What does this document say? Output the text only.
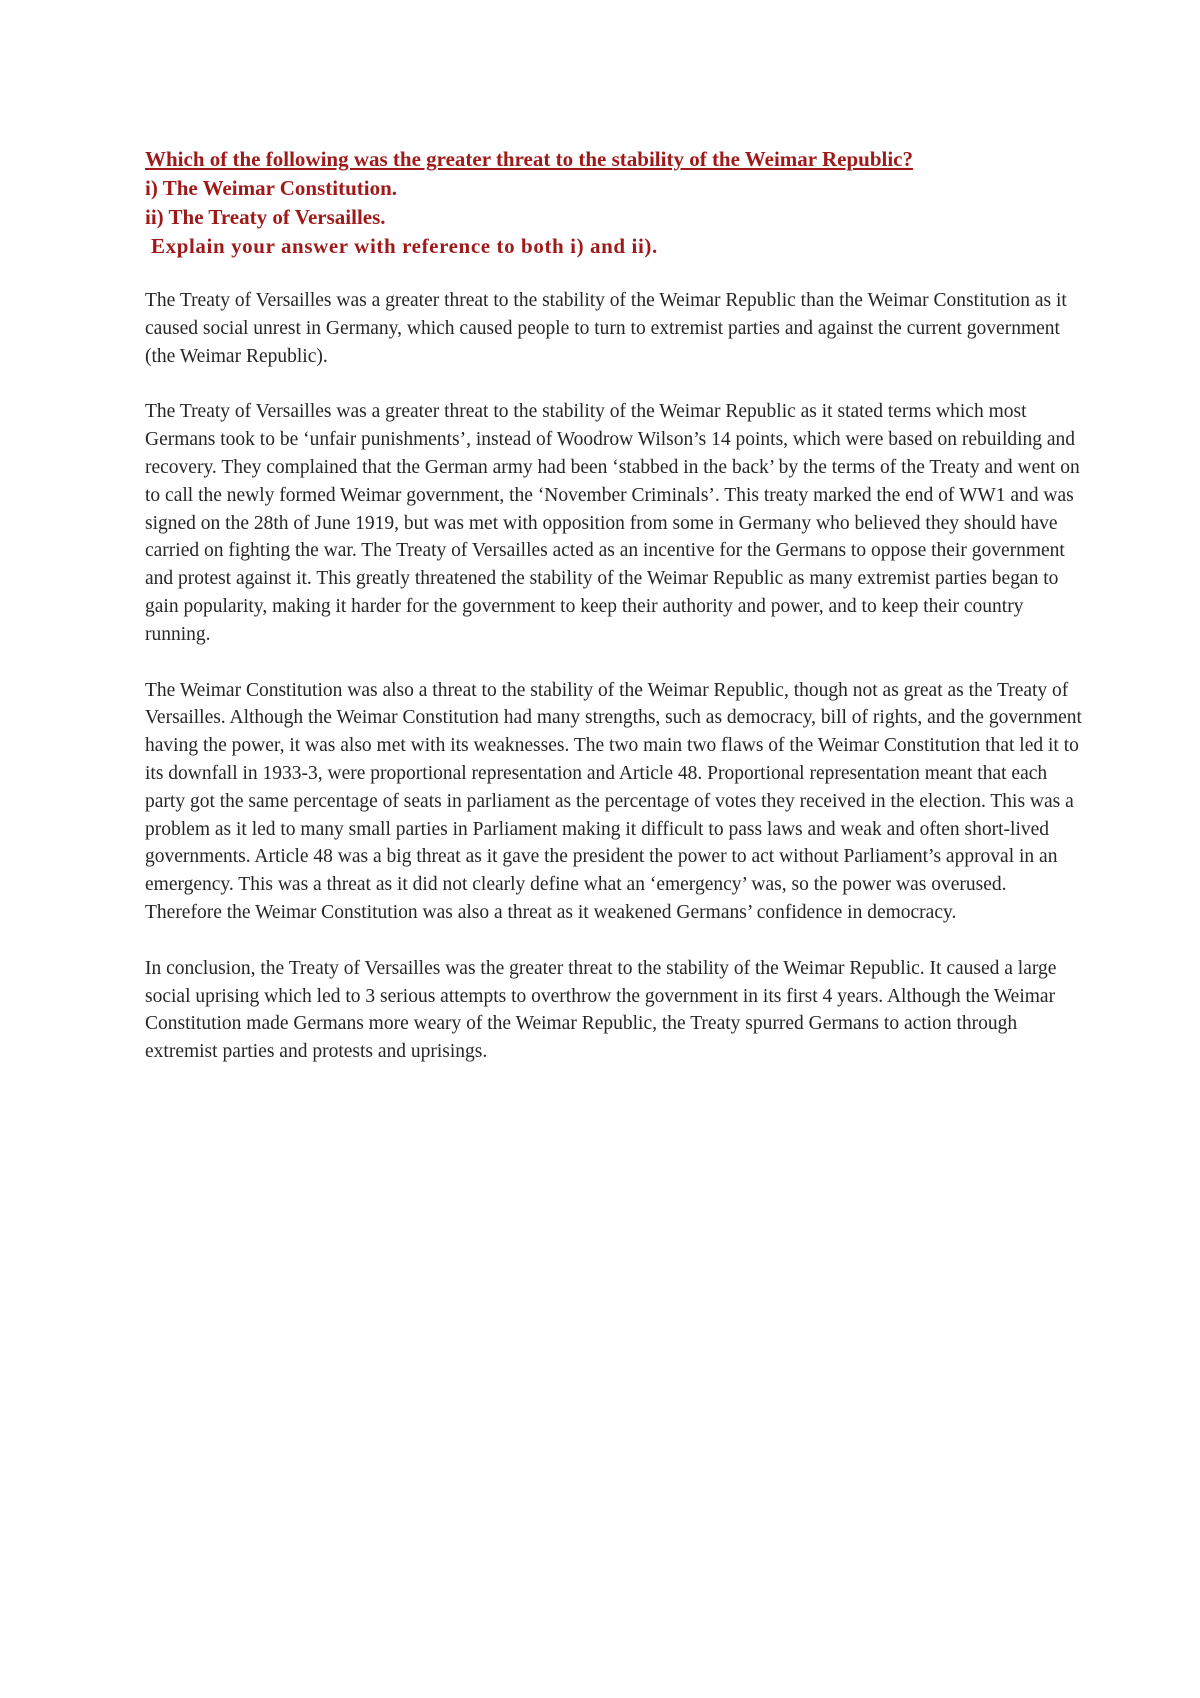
Which of the following was the greater threat to the stability of the Weimar Republic?
i) The Weimar Constitution.
ii) The Treaty of Versailles.
Explain your answer with reference to both i) and ii).

The Treaty of Versailles was a greater threat to the stability of the Weimar Republic than the Weimar Constitution as it caused social unrest in Germany, which caused people to turn to extremist parties and against the current government (the Weimar Republic).

The Treaty of Versailles was a greater threat to the stability of the Weimar Republic as it stated terms which most Germans took to be ‘unfair punishments’, instead of Woodrow Wilson’s 14 points, which were based on rebuilding and recovery. They complained that the German army had been ‘stabbed in the back’ by the terms of the Treaty and went on to call the newly formed Weimar government, the ‘November Criminals’. This treaty marked the end of WW1 and was signed on the 28th of June 1919, but was met with opposition from some in Germany who believed they should have carried on fighting the war. The Treaty of Versailles acted as an incentive for the Germans to oppose their government and protest against it. This greatly threatened the stability of the Weimar Republic as many extremist parties began to gain popularity, making it harder for the government to keep their authority and power, and to keep their country running.

The Weimar Constitution was also a threat to the stability of the Weimar Republic, though not as great as the Treaty of Versailles. Although the Weimar Constitution had many strengths, such as democracy, bill of rights, and the government having the power, it was also met with its weaknesses. The two main two flaws of the Weimar Constitution that led it to its downfall in 1933-3, were proportional representation and Article 48. Proportional representation meant that each party got the same percentage of seats in parliament as the percentage of votes they received in the election. This was a problem as it led to many small parties in Parliament making it difficult to pass laws and weak and often short-lived governments. Article 48 was a big threat as it gave the president the power to act without Parliament’s approval in an emergency. This was a threat as it did not clearly define what an ‘emergency’ was, so the power was overused. Therefore the Weimar Constitution was also a threat as it weakened Germans’ confidence in democracy.

In conclusion, the Treaty of Versailles was the greater threat to the stability of the Weimar Republic. It caused a large social uprising which led to 3 serious attempts to overthrow the government in its first 4 years. Although the Weimar Constitution made Germans more weary of the Weimar Republic, the Treaty spurred Germans to action through extremist parties and protests and uprisings.
